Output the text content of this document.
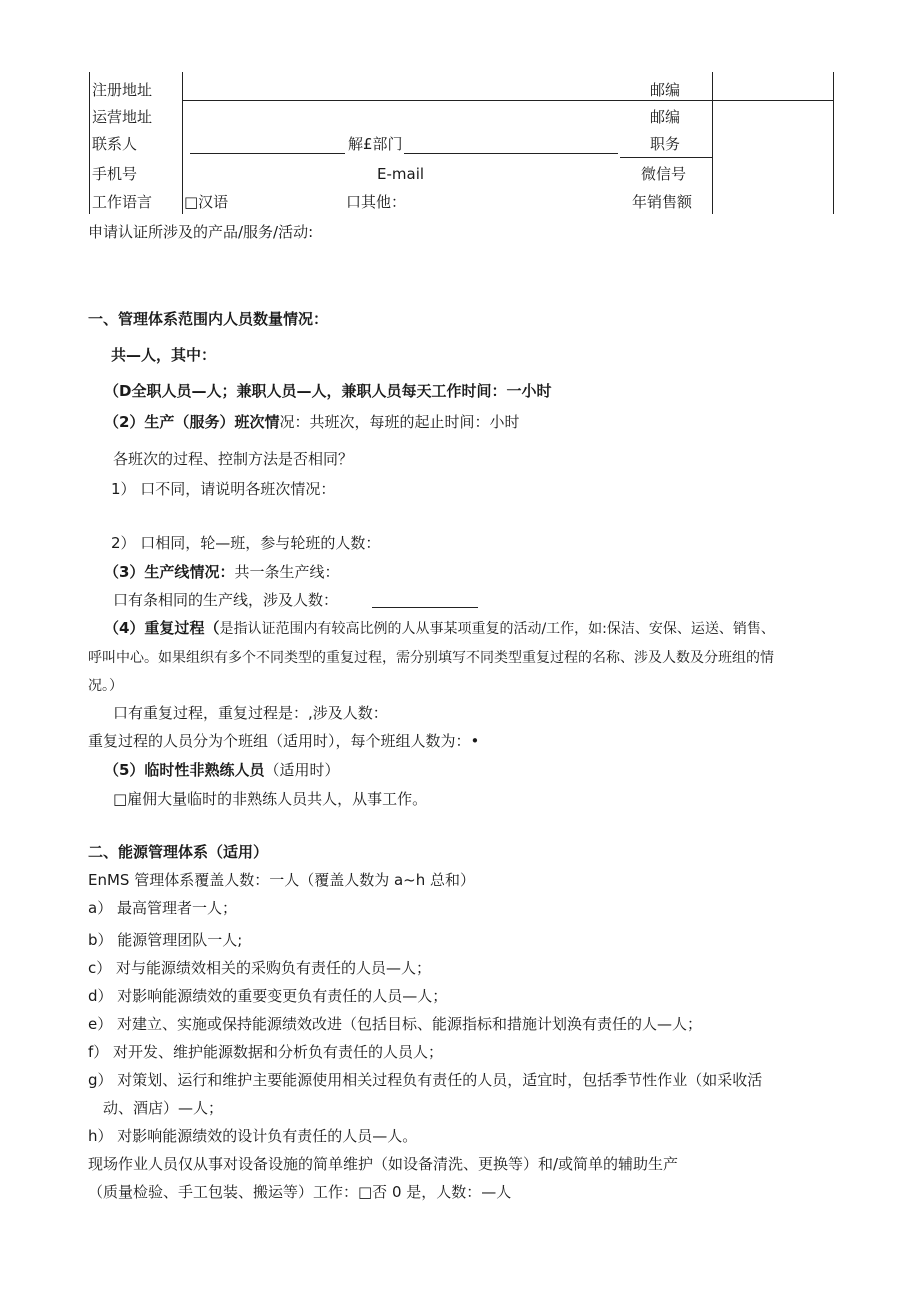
注册地址	邮编
运营地址	邮编
联系人	解£部门	职务
手机号	E-mail	微信号
工作语言 □汉语	口其他：	年销售额
申请认证所涉及的产品/服务/活动:
一、管理体系范围内人员数量情况：
共—人，其中：
（D全职人员—人；兼职人员—人，兼职人员每天工作时间：一小时
（2）生产（服务）班次情况：共班次，每班的起止时间：小时
各班次的过程、控制方法是否相同？
1） 口不同，请说明各班次情况：
2） 口相同，轮—班，参与轮班的人数：
（3）生产线情况：共一条生产线：
口有条相同的生产线，涉及人数：
（4）重复过程（是指认证范围内有较高比例的人从事某项重复的活动/工作，如:保洁、安保、运送、销售、
呼叫中心。如果组织有多个不同类型的重复过程，需分别填写不同类型重复过程的名称、涉及人数及分班组的情
况。）
口有重复过程，重复过程是：,涉及人数：
重复过程的人员分为个班组（适用时），每个班组人数为：•
（5）临时性非熟练人员（适用时）
□雇佣大量临时的非熟练人员共人，从事工作。
二、能源管理体系（适用）
EnMS 管理体系覆盖人数：一人（覆盖人数为 a~h 总和）
a） 最高管理者一人；
b） 能源管理团队一人;
c） 对与能源绩效相关的采购负有责任的人员—人；
d） 对影响能源绩效的重要变更负有责任的人员—人；
e） 对建立、实施或保持能源绩效改进（包括目标、能源指标和措施计划涣有责任的人—人；
f） 对开发、维护能源数据和分析负有责任的人员人；
g） 对策划、运行和维护主要能源使用相关过程负有责任的人员，适宜时，包括季节性作业（如采收活
动、酒店）—人；
h） 对影响能源绩效的设计负有责任的人员—人。
现场作业人员仅从事对设备设施的简单维护（如设备清洗、更换等）和/或简单的辅助生产
（质量检验、手工包装、搬运等）工作：□否 0 是，人数：—人
